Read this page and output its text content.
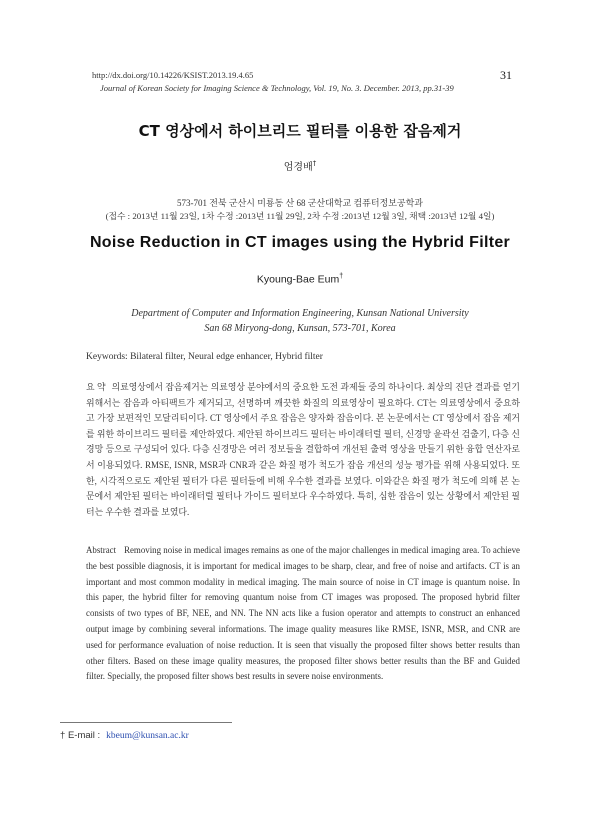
http://dx.doi.org/10.14226/KSIST.2013.19.4.65	31
Journal of Korean Society for Imaging Science & Technology, Vol. 19, No. 3. December. 2013, pp.31-39
CT 영상에서 하이브리드 필터를 이용한 잡음제거
엄경배†
573-701 전북 군산시 미룡동 산 68 군산대학교 컴퓨터정보공학과
(접수 : 2013년 11월 23일, 1차 수정 :2013년 11월 29일, 2차 수정 :2013년 12월 3일, 채택 :2013년 12월 4일)
Noise Reduction in CT images using the Hybrid Filter
Kyoung-Bae Eum†
Department of Computer and Information Engineering, Kunsan National University
San 68 Miryong-dong, Kunsan, 573-701, Korea
Keywords: Bilateral filter, Neural edge enhancer, Hybrid filter
요 약 의료영상에서 잡음제거는 의료영상 분야에서의 중요한 도전 과제들 중의 하나이다. 최상의 진단 결과를 얻기 위해서는 잡음과 아티팩트가 제거되고, 선명하며 깨끗한 화질의 의료영상이 필요하다. CT는 의료영상에서 중요하고 가장 보편적인 모달리티이다. CT 영상에서 주요 잡음은 양자화 잡음이다. 본 논문에서는 CT 영상에서 잡음 제거를 위한 하이브리드 필터를 제안하였다. 제안된 하이브리드 필터는 바이래터럴 필터, 신경망 윤곽선 검출기, 다층 신경망 등으로 구성되어 있다. 다층 신경망은 여러 정보들을 결합하여 개선된 출력 영상을 만들기 위한 융합 연산자로서 이용되었다. RMSE, ISNR, MSR과 CNR과 같은 화질 평가 척도가 잡음 개선의 성능 평가를 위해 사용되었다. 또한, 시각적으로도 제안된 필터가 다른 필터들에 비해 우수한 결과를 보였다. 이와같은 화질 평가 척도에 의해 본 논문에서 제안된 필터는 바이래터럴 필터나 가이드 필터보다 우수하였다. 특히, 심한 잡음이 있는 상황에서 제안된 필터는 우수한 결과를 보였다.
Abstract Removing noise in medical images remains as one of the major challenges in medical imaging area. To achieve the best possible diagnosis, it is important for medical images to be sharp, clear, and free of noise and artifacts. CT is an important and most common modality in medical imaging. The main source of noise in CT image is quantum noise. In this paper, the hybrid filter for removing quantum noise from CT images was proposed. The proposed hybrid filter consists of two types of BF, NEE, and NN. The NN acts like a fusion operator and attempts to construct an enhanced output image by combining several informations. The image quality measures like RMSE, ISNR, MSR, and CNR are used for performance evaluation of noise reduction. It is seen that visually the proposed filter shows better results than other filters. Based on these image quality measures, the proposed filter shows better results than the BF and Guided filter. Specially, the proposed filter shows best results in severe noise environments.
† E-mail : kbeum@kunsan.ac.kr
